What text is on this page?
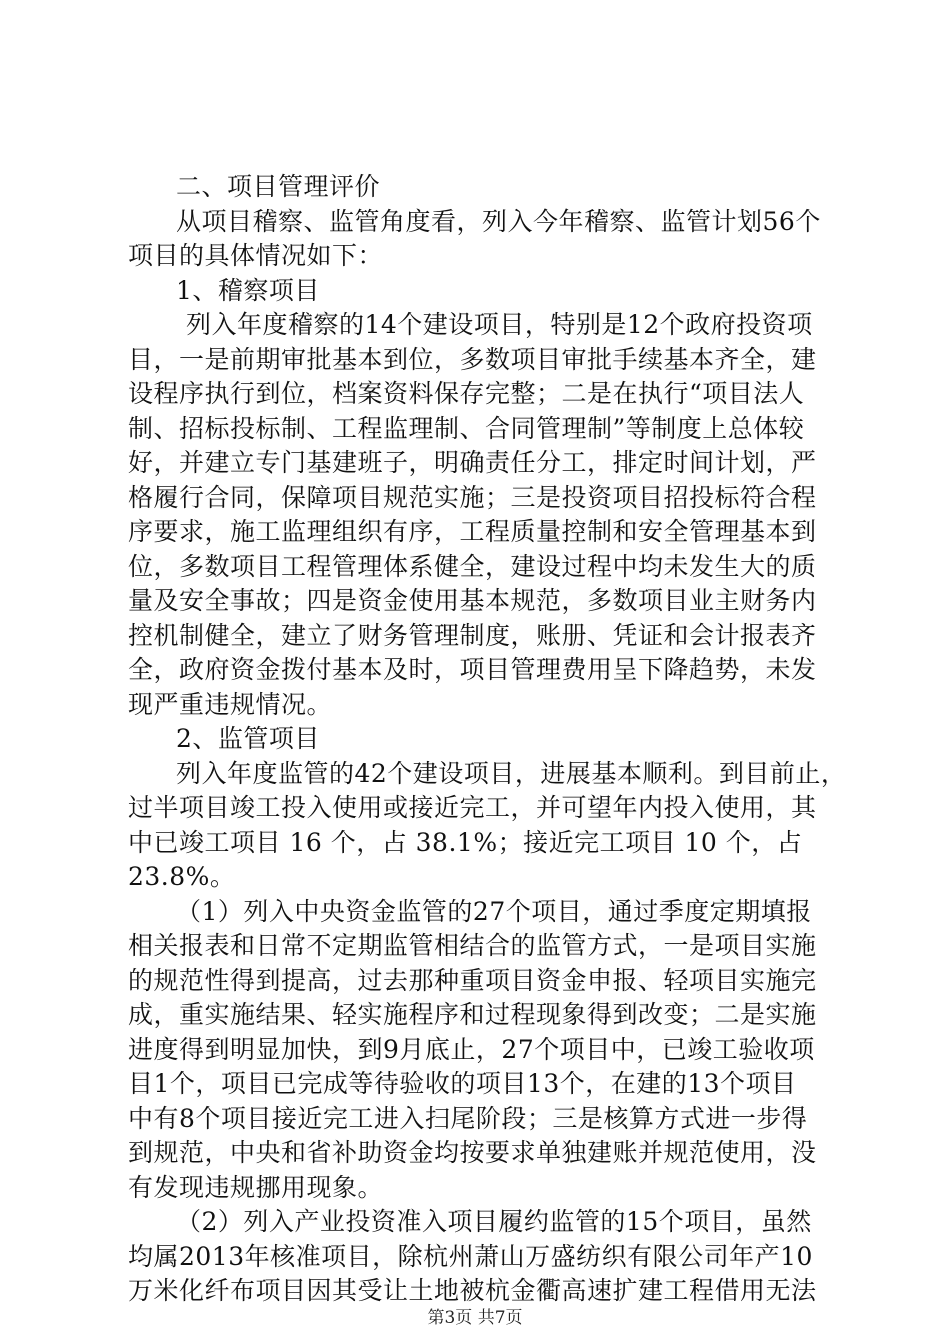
二、项目管理评价
从项目稽察、监管角度看，列入今年稽察、监管计划56个
项目的具体情况如下：
1、稽察项目
列入年度稽察的14个建设项目，特别是12个政府投资项
目，一是前期审批基本到位，多数项目审批手续基本齐全，建
设程序执行到位，档案资料保存完整；二是在执行“项目法人
制、招标投标制、工程监理制、合同管理制”等制度上总体较
好，并建立专门基建班子，明确责任分工，排定时间计划，严
格履行合同，保障项目规范实施；三是投资项目招投标符合程
序要求，施工监理组织有序，工程质量控制和安全管理基本到
位，多数项目工程管理体系健全，建设过程中均未发生大的质
量及安全事故；四是资金使用基本规范，多数项目业主财务内
控机制健全，建立了财务管理制度，账册、凭证和会计报表齐
全，政府资金拨付基本及时，项目管理费用呈下降趋势，未发
现严重违规情况。
2、监管项目
列入年度监管的42个建设项目，进展基本顺利。到目前止，
过半项目竣工投入使用或接近完工，并可望年内投入使用，其
中已竣工项目 16 个，占 38.1%；接近完工项目 10 个，占
23.8%。
（1）列入中央资金监管的27个项目，通过季度定期填报
相关报表和日常不定期监管相结合的监管方式，一是项目实施
的规范性得到提高，过去那种重项目资金申报、轻项目实施完
成，重实施结果、轻实施程序和过程现象得到改变；二是实施
进度得到明显加快，到9月底止，27个项目中，已竣工验收项
目1个，项目已完成等待验收的项目13个，在建的13个项目
中有8个项目接近完工进入扫尾阶段；三是核算方式进一步得
到规范，中央和省补助资金均按要求单独建账并规范使用，没
有发现违规挪用现象。
（2）列入产业投资准入项目履约监管的15个项目，虽然
均属2013年核准项目，除杭州萧山万盛纺织有限公司年产10
万米化纤布项目因其受让土地被杭金衢高速扩建工程借用无法
第3页 共7页
